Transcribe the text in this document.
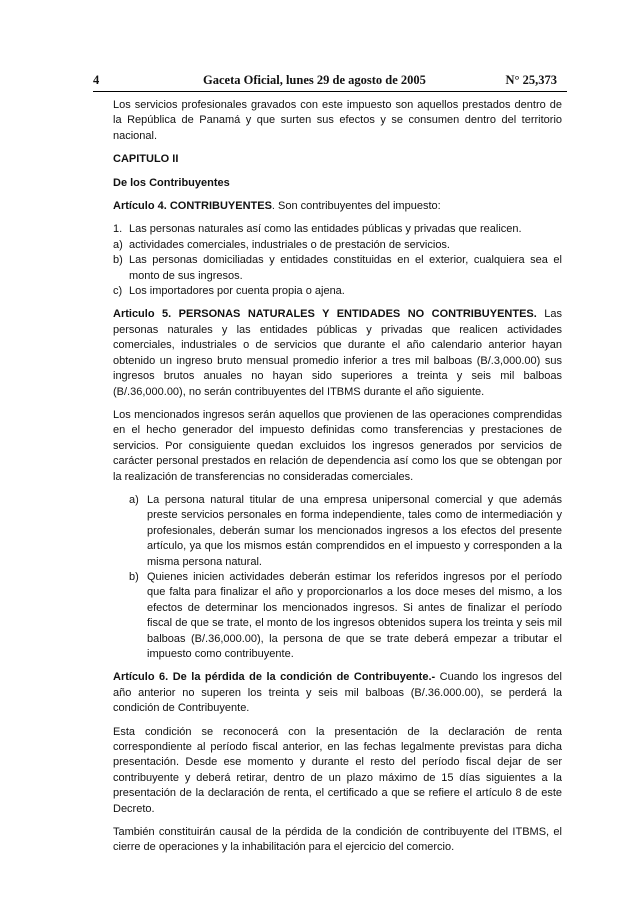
4	Gaceta Oficial, lunes 29 de agosto de 2005	N° 25,373

Los servicios profesionales gravados con este impuesto son aquellos prestados dentro de la República de Panamá y que surten sus efectos y se consumen dentro del territorio nacional.

CAPITULO II

De los Contribuyentes

Artículo 4. CONTRIBUYENTES. Son contribuyentes del impuesto:

1. Las personas naturales así como las entidades públicas y privadas que realicen.
a) actividades comerciales, industriales o de prestación de servicios.
b) Las personas domiciliadas y entidades constituidas en el exterior, cualquiera sea el monto de sus ingresos.
c) Los importadores por cuenta propia o ajena.

Articulo 5. PERSONAS NATURALES Y ENTIDADES NO CONTRIBUYENTES. Las personas naturales y las entidades públicas y privadas que realicen actividades comerciales, industriales o de servicios que durante el año calendario anterior hayan obtenido un ingreso bruto mensual promedio inferior a tres mil balboas (B/.3,000.00) sus ingresos brutos anuales no hayan sido superiores a treinta y seis mil balboas (B/.36,000.00), no serán contribuyentes del ITBMS durante el año siguiente.

Los mencionados ingresos serán aquellos que provienen de las operaciones comprendidas en el hecho generador del impuesto definidas como transferencias y prestaciones de servicios. Por consiguiente quedan excluidos los ingresos generados por servicios de carácter personal prestados en relación de dependencia así como los que se obtengan por la realización de transferencias no consideradas comerciales.

a) La persona natural titular de una empresa unipersonal comercial y que además preste servicios personales en forma independiente, tales como de intermediación y profesionales, deberán sumar los mencionados ingresos a los efectos del presente artículo, ya que los mismos están comprendidos en el impuesto y corresponden a la misma persona natural.
b) Quienes inicien actividades deberán estimar los referidos ingresos por el período que falta para finalizar el año y proporcionarlos a los doce meses del mismo, a los efectos de determinar los mencionados ingresos. Si antes de finalizar el período fiscal de que se trate, el monto de los ingresos obtenidos supera los treinta y seis mil balboas (B/.36,000.00), la persona de que se trate deberá empezar a tributar el impuesto como contribuyente.

Artículo 6. De la pérdida de la condición de Contribuyente.- Cuando los ingresos del año anterior no superen los treinta y seis mil balboas (B/.36.000.00), se perderá la condición de Contribuyente.

Esta condición se reconocerá con la presentación de la declaración de renta correspondiente al período fiscal anterior, en las fechas legalmente previstas para dicha presentación. Desde ese momento y durante el resto del período fiscal dejar de ser contribuyente y deberá retirar, dentro de un plazo máximo de 15 días siguientes a la presentación de la declaración de renta, el certificado a que se refiere el artículo 8 de este Decreto.

También constituirán causal de la pérdida de la condición de contribuyente del ITBMS, el cierre de operaciones y la inhabilitación para el ejercicio del comercio.
